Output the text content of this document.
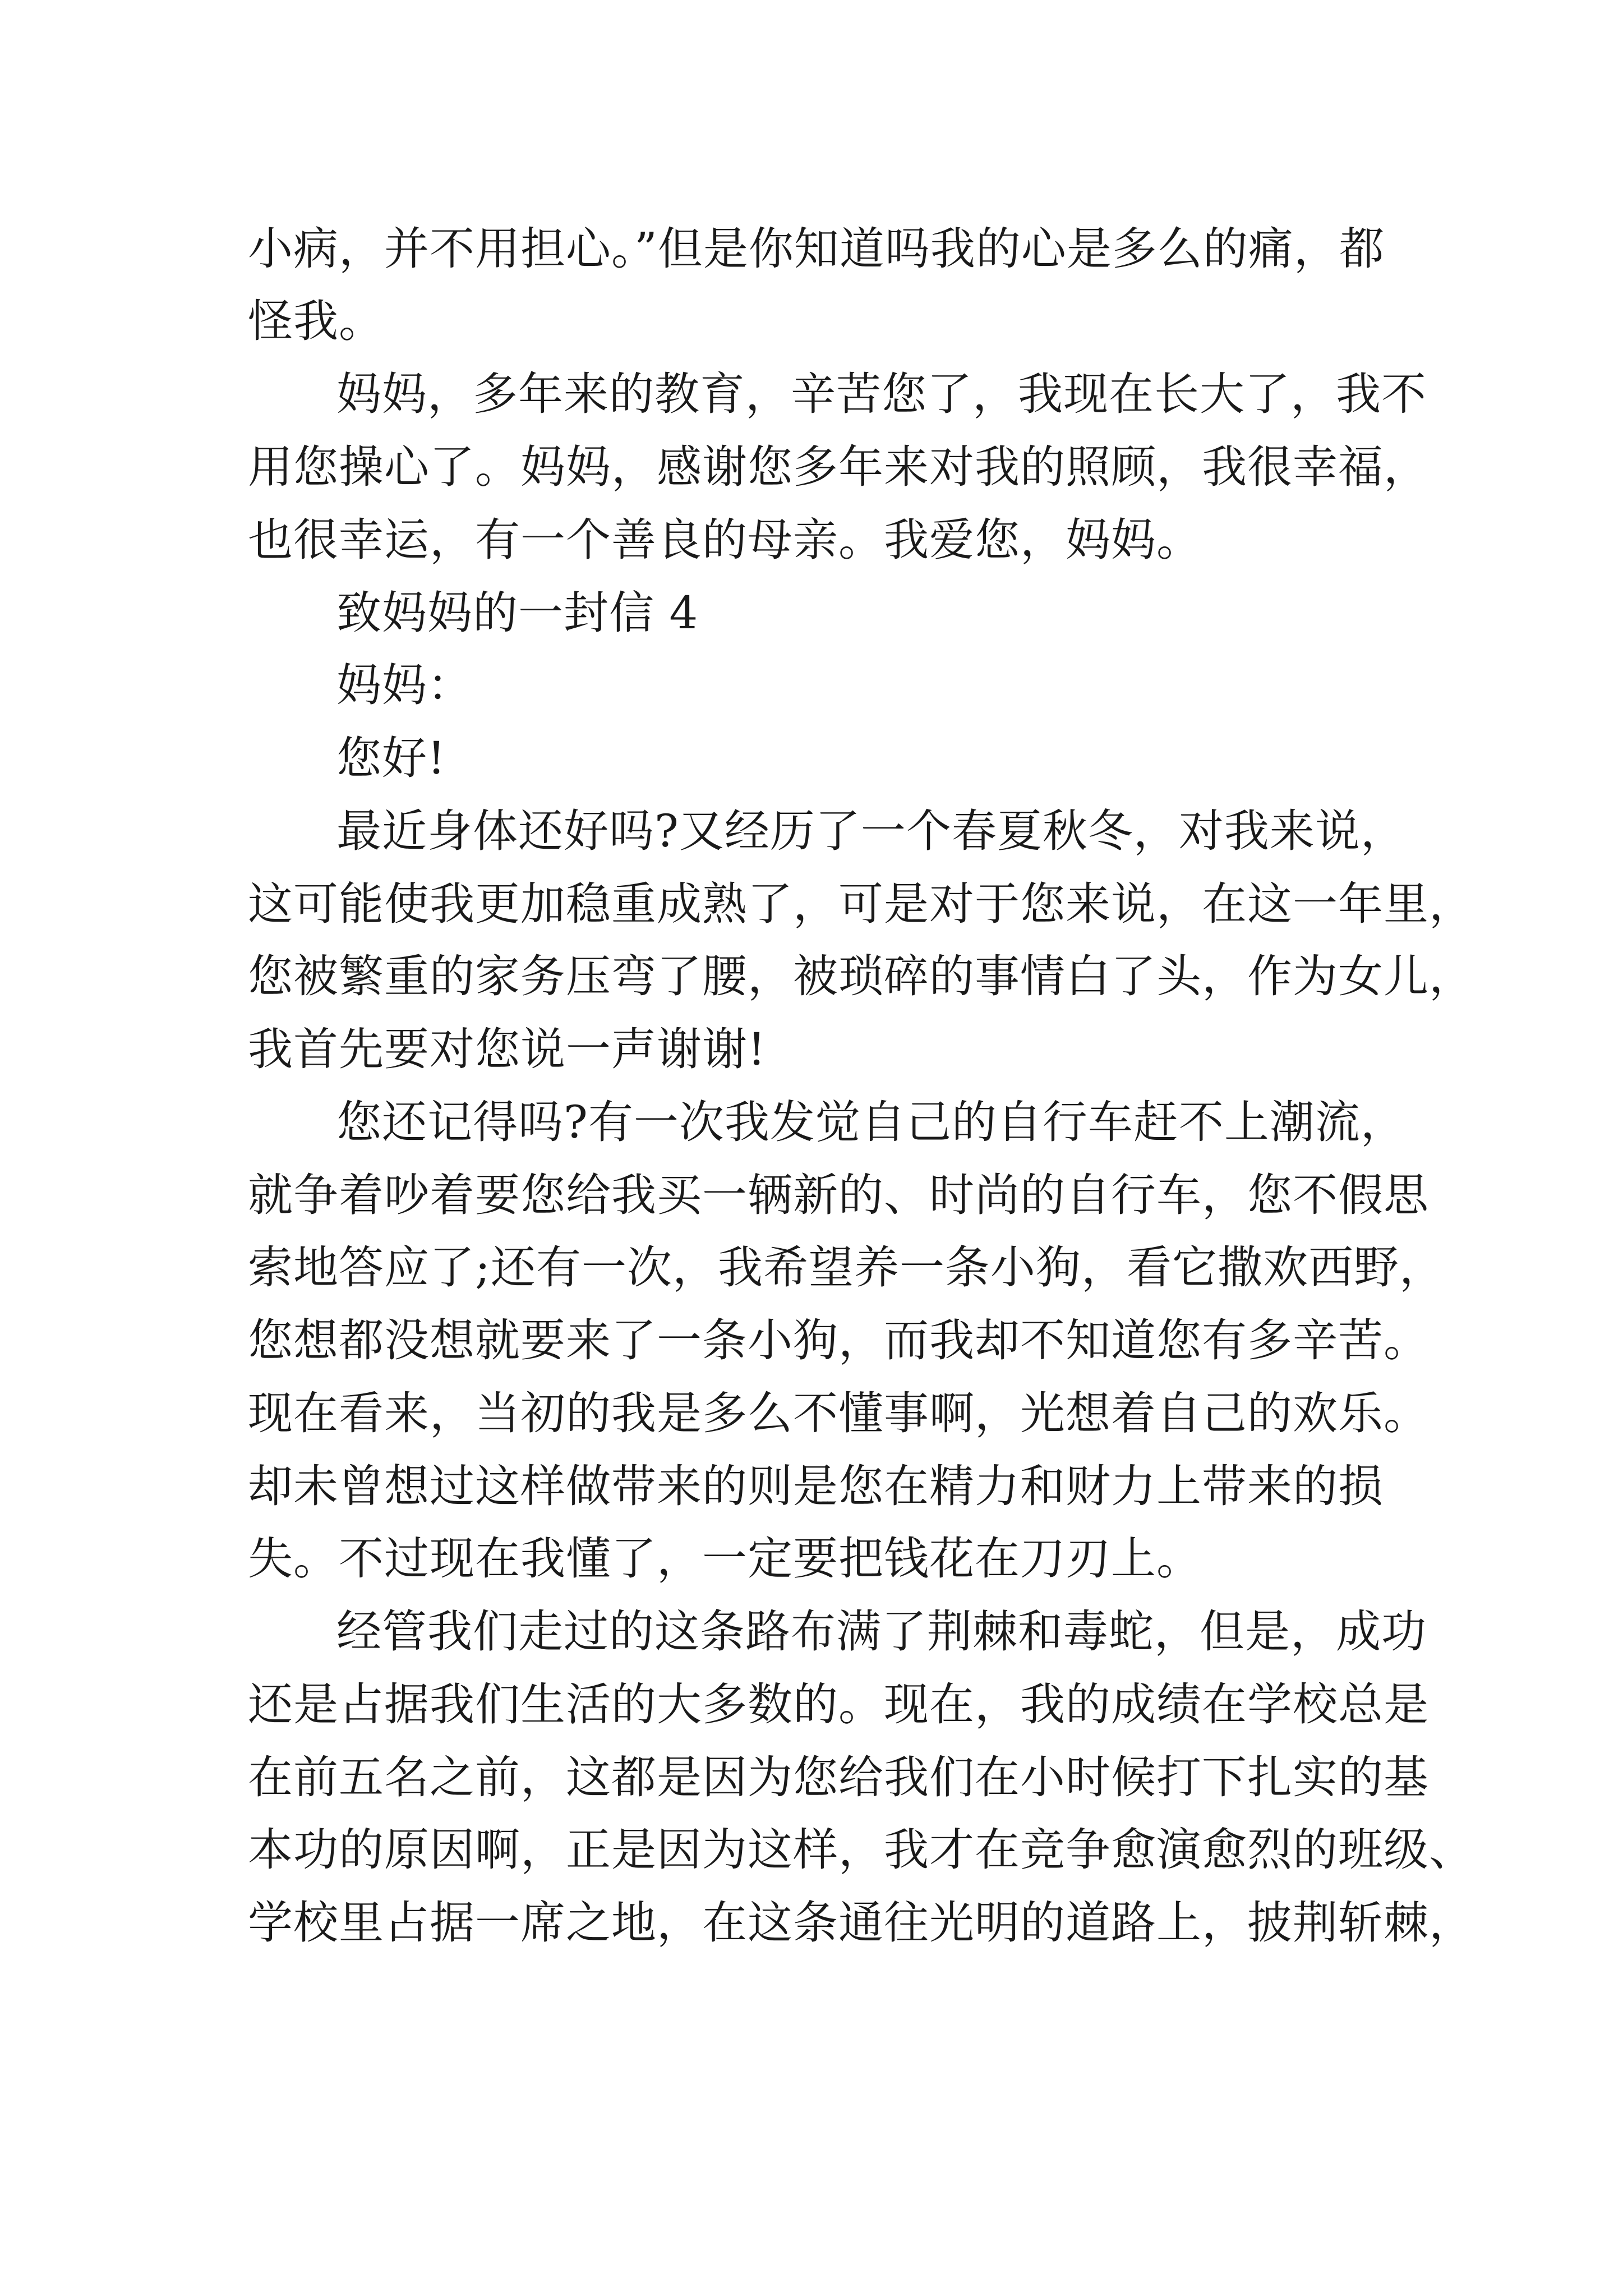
小病，并不用担心。”但是你知道吗我的心是多么的痛，都
怪我。
妈妈，多年来的教育，辛苦您了，我现在长大了，我不
用您操心了。妈妈，感谢您多年来对我的照顾，我很幸福，
也很幸运，有一个善良的母亲。我爱您，妈妈。
致妈妈的一封信 4
妈妈：
您好!
最近身体还好吗?又经历了一个春夏秋冬，对我来说，
这可能使我更加稳重成熟了，可是对于您来说，在这一年里，
您被繁重的家务压弯了腰，被琐碎的事情白了头，作为女儿，
我首先要对您说一声谢谢!
您还记得吗?有一次我发觉自己的自行车赶不上潮流，
就争着吵着要您给我买一辆新的、时尚的自行车，您不假思
索地答应了;还有一次，我希望养一条小狗，看它撒欢西野，
您想都没想就要来了一条小狗，而我却不知道您有多辛苦。
现在看来，当初的我是多么不懂事啊，光想着自己的欢乐。
却未曾想过这样做带来的则是您在精力和财力上带来的损
失。不过现在我懂了，一定要把钱花在刀刃上。
经管我们走过的这条路布满了荆棘和毒蛇，但是，成功
还是占据我们生活的大多数的。现在，我的成绩在学校总是
在前五名之前，这都是因为您给我们在小时候打下扎实的基
本功的原因啊，正是因为这样，我才在竞争愈演愈烈的班级、
学校里占据一席之地，在这条通往光明的道路上，披荆斩棘，
